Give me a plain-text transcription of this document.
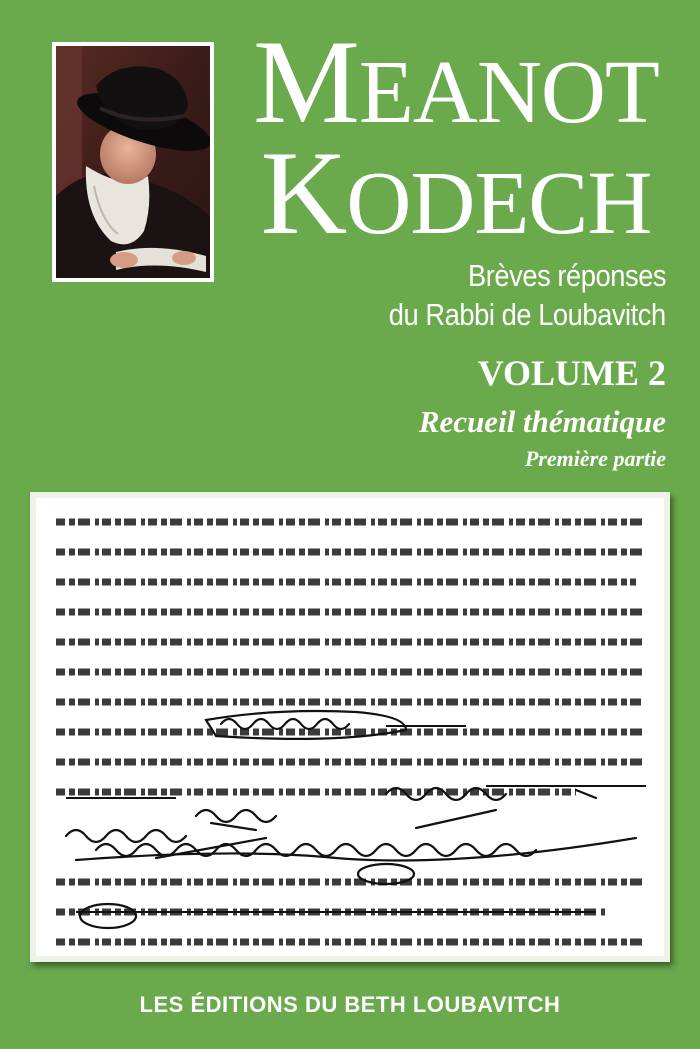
MEANOT
KODECH
Brèves réponses
du Rabbi de Loubavitch
VOLUME 2
Recueil thématique
Première partie
LES ÉDITIONS DU BETH LOUBAVITCH
